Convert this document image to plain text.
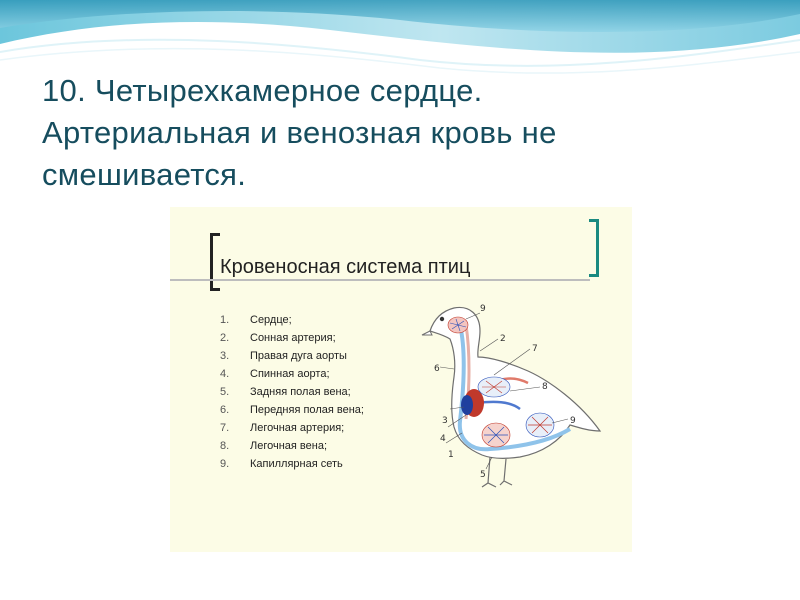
10. Четырехкамерное сердце.
Артериальная и венозная кровь не
смешивается.
Кровеносная система птиц
1. Сердце;
2. Сонная артерия;
3. Правая дуга аорты
4. Спинная аорта;
5. Задняя полая вена;
6. Передняя полая вена;
7. Легочная артерия;
8. Легочная вена;
9. Капиллярная сеть
9
2
7
8
9
6
3
4
1
5
